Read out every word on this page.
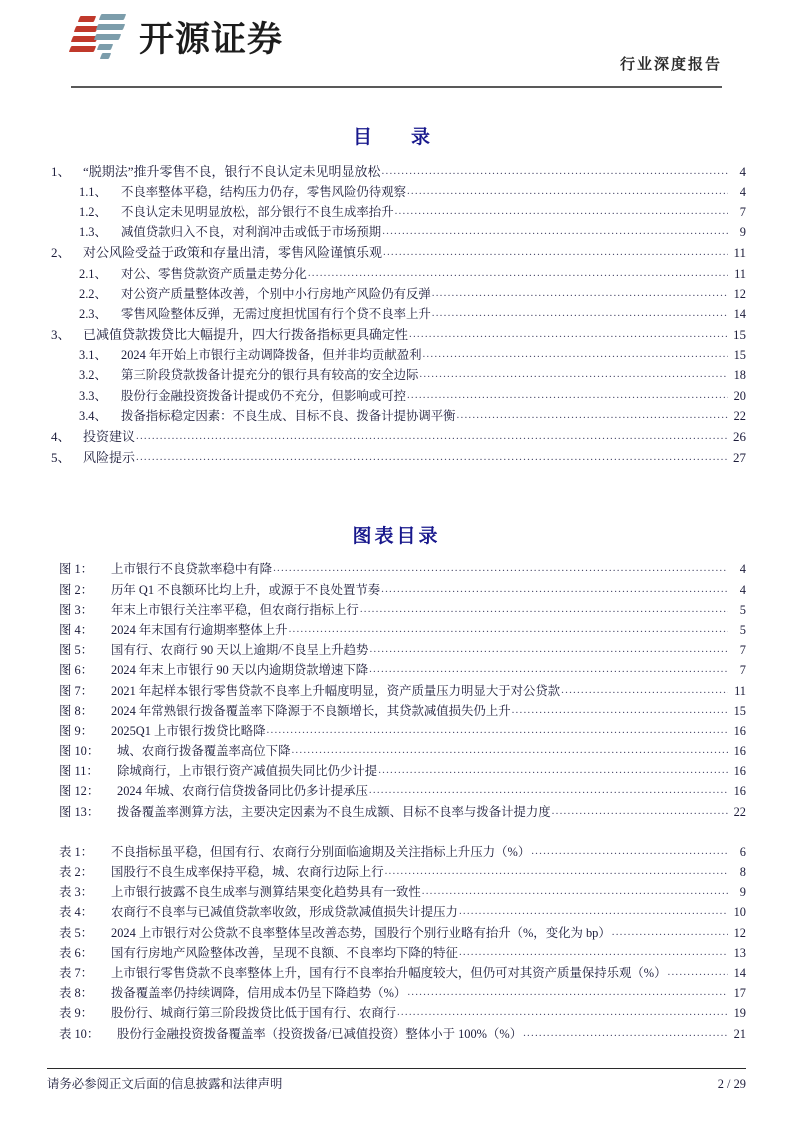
开源证券
行业深度报告
目　录
1、 “脱期法”推升零售不良，银行不良认定未见明显放松 .....	4
1.1、	不良率整体平稳，结构压力仍存，零售风险仍待观察 .....	4
1.2、	不良认定未见明显放松，部分银行不良生成率抬升 .....	7
1.3、	减值贷款归入不良，对利润冲击或低于市场预期 .....	9
2、 对公风险受益于政策和存量出清，零售风险谨慎乐观 .....	11
2.1、	对公、零售贷款资产质量走势分化 .....	11
2.2、	对公资产质量整体改善，个别中小行房地产风险仍有反弹 .....	12
2.3、	零售风险整体反弹，无需过度担忧国有行个贷不良率上升 .....	14
3、 已减值贷款拨贷比大幅提升，四大行拨备指标更具确定性 .....	15
3.1、	2024 年开始上市银行主动调降拨备，但并非均贡献盈利 .....	15
3.2、	第三阶段贷款拨备计提充分的银行具有较高的安全边际 .....	18
3.3、	股份行金融投资拨备计提或仍不充分，但影响或可控 .....	20
3.4、	拨备指标稳定因素：不良生成、目标不良、拨备计提协调平衡 .....	22
4、 投资建议 .....	26
5、 风险提示 .....	27
图表目录
图 1：	上市银行不良贷款率稳中有降 .....	4
图 2：	历年 Q1 不良额环比均上升，或源于不良处置节奏 .....	4
图 3：	年末上市银行关注率平稳，但农商行指标上行 .....	5
图 4：	2024 年末国有行逾期率整体上升 .....	5
图 5：	国有行、农商行 90 天以上逾期/不良呈上升趋势 .....	7
图 6：	2024 年末上市银行 90 天以内逾期贷款增速下降 .....	7
图 7：	2021 年起样本银行零售贷款不良率上升幅度明显，资产质量压力明显大于对公贷款 .....	11
图 8：	2024 年常熟银行拨备覆盖率下降源于不良额增长，其贷款减值损失仍上升 .....	15
图 9：	2025Q1 上市银行拨贷比略降 .....	16
图 10：	城、农商行拨备覆盖率高位下降 .....	16
图 11：	除城商行，上市银行资产减值损失同比仍少计提 .....	16
图 12：	2024 年城、农商行信贷拨备同比仍多计提承压 .....	16
图 13：	拨备覆盖率测算方法，主要决定因素为不良生成额、目标不良率与拨备计提力度 .....	22
表 1：	不良指标虽平稳，但国有行、农商行分别面临逾期及关注指标上升压力（%） .....	6
表 2：	国股行不良生成率保持平稳，城、农商行边际上行 .....	8
表 3：	上市银行披露不良生成率与测算结果变化趋势具有一致性 .....	9
表 4：	农商行不良率与已减值贷款率收敛，形成贷款减值损失计提压力 .....	10
表 5：	2024 上市银行对公贷款不良率整体呈改善态势，国股行个别行业略有抬升（%，变化为 bp） .....	12
表 6：	国有行房地产风险整体改善，呈现不良额、不良率均下降的特征 .....	13
表 7：	上市银行零售贷款不良率整体上升，国有行不良率抬升幅度较大，但仍可对其资产质量保持乐观（%） .....	14
表 8：	拨备覆盖率仍持续调降，信用成本仍呈下降趋势（%） .....	17
表 9：	股份行、城商行第三阶段拨贷比低于国有行、农商行 .....	19
表 10：	股份行金融投资拨备覆盖率（投资拨备/已减值投资）整体小于 100%（%） .....	21
请务必参阅正文后面的信息披露和法律声明	2 / 29
